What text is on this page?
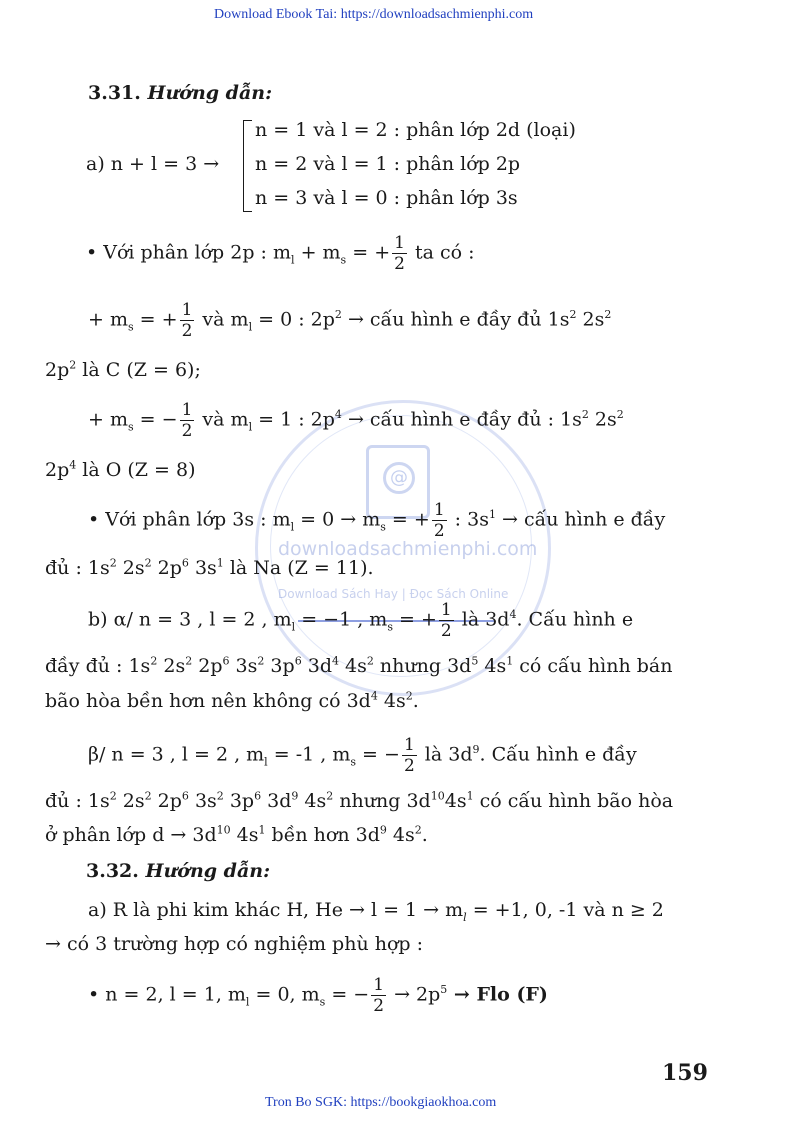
Download Ebook Tai: https://downloadsachmienphi.com
@
downloadsachmienphi.com
Download Sách Hay | Đọc Sách Online
3.31. Hướng dẫn:
a) n + l = 3 →
n = 1 và l = 2 : phân lớp 2d (loại)
n = 2 và l = 1 : phân lớp 2p
n = 3 và l = 0 : phân lớp 3s
• Với phân lớp 2p : $m_l + m_s$ = + $\frac{1}{2}$ ta có :
+ $m_s$ = + $\frac{1}{2}$ và $m_l = 0$ : $2p^2$ → cấu hình e đầy đủ $1s^2$ $2s^2$
$2p^2$ là C (Z = 6);
+ $m_s$ = − $\frac{1}{2}$ và $m_l = 1$ : $2p^4$ → cấu hình e đầy đủ : $1s^2$ $2s^2$
$2p^4$ là O (Z = 8)
• Với phân lớp 3s : $m_l = 0 \to m_s$ = + $\frac{1}{2}$ : $3s^1$ → cấu hình e đầy
đủ : $1s^2$ $2s^2$ $2p^6$ $3s^1$ là Na (Z = 11).
b) α/ n = 3 , l = 2 , $m_l = -1$ , $m_s$ = + $\frac{1}{2}$ là $3d^4$. Cấu hình e
đầy đủ : $1s^2$ $2s^2$ $2p^6$ $3s^2$ $3p^6$ $3d^4$ $4s^2$ nhưng $3d^5$ $4s^1$ có cấu hình bán
bão hòa bền hơn nên không có $3d^4$ $4s^2$.
β/ n = 3 , l = 2 , $m_l = -1$ , $m_s$ = − $\frac{1}{2}$ là $3d^9$. Cấu hình e đầy
đủ : $1s^2$ $2s^2$ $2p^6$ $3s^2$ $3p^6$ $3d^9$ $4s^2$ nhưng $3d^{10}4s^1$ có cấu hình bão hòa
ở phân lớp $d \to 3d^{10}$ $4s^1$ bền hơn $3d^9$ $4s^2$.
3.32. Hướng dẫn:
a) R là phi kim khác H, $He \to l = 1 \to m_l = +1$, 0, -1 và n ≥ 2
→ có 3 trường hợp có nghiệm phù hợp :
• n = 2, l = 1, $m_l = 0$, $m_s$ = − $\frac{1}{2} \to 2p^5$ → Flo (F)
159
Tron Bo SGK: https://bookgiaokhoa.com
